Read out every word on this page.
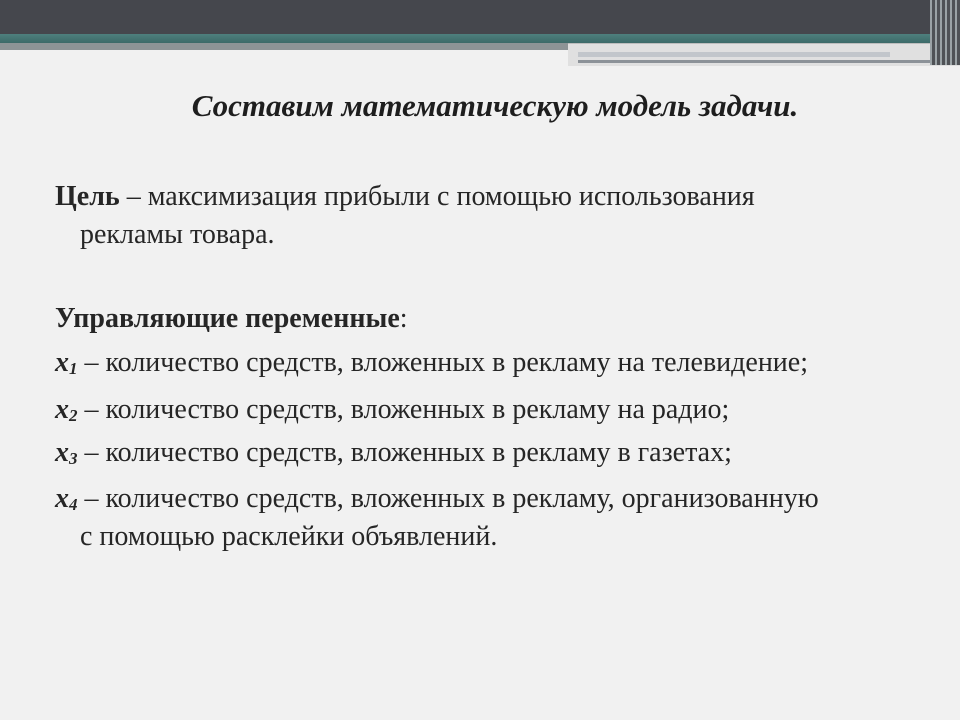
Составим математическую модель задачи.
Цель – максимизация прибыли с помощью использования
рекламы товара.
Управляющие переменные:
$x_1$ – количество средств, вложенных в рекламу на телевидение;
$x_2$ – количество средств, вложенных в рекламу на радио;
$x_3$ – количество средств, вложенных в рекламу в газетах;
$x_4$ – количество средств, вложенных в рекламу, организованную
с помощью расклейки объявлений.
